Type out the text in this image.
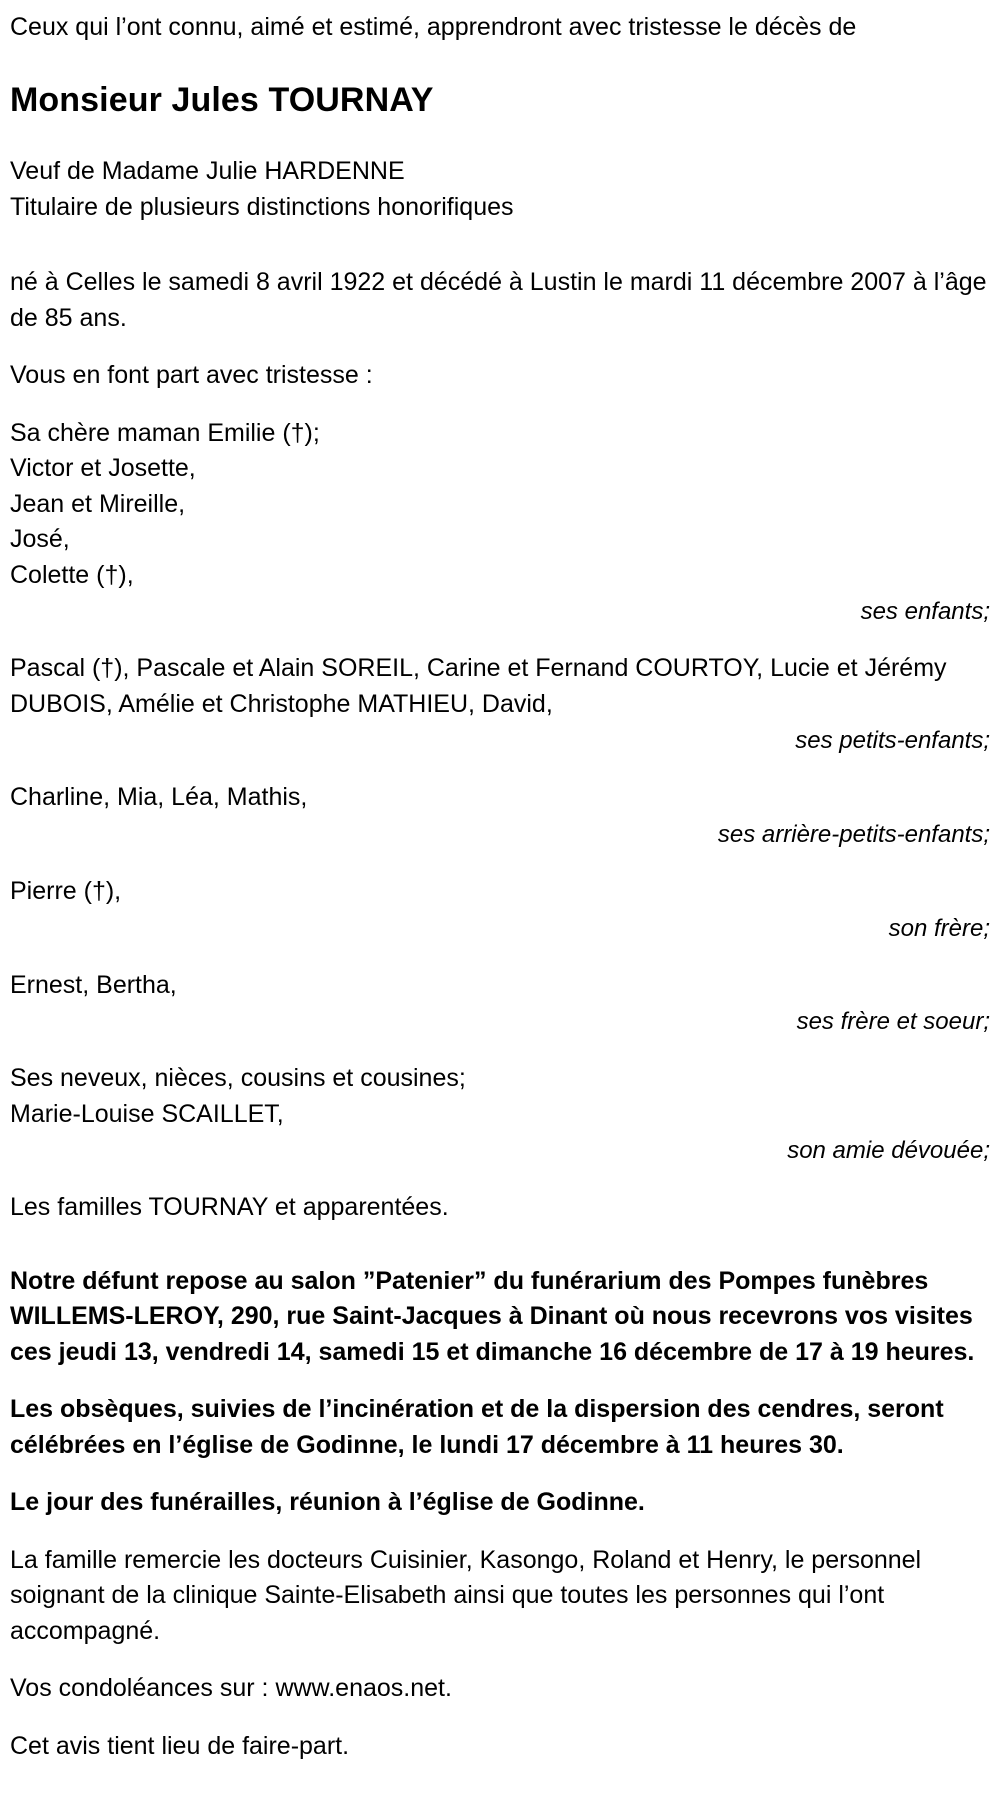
Ceux qui l’ont connu, aimé et estimé, apprendront avec tristesse le décès de

Monsieur Jules TOURNAY
Veuf de Madame Julie HARDENNE
Titulaire de plusieurs distinctions honorifiques

né à Celles le samedi 8 avril 1922 et décédé à Lustin le mardi 11 décembre 2007 à l’âge de 85 ans.

Vous en font part avec tristesse :

Sa chère maman Emilie (†);
Victor et Josette,
Jean et Mireille,
José,
Colette (†),
ses enfants;
Pascal (†), Pascale et Alain SOREIL, Carine et Fernand COURTOY, Lucie et Jérémy DUBOIS, Amélie et Christophe MATHIEU, David,
ses petits-enfants;
Charline, Mia, Léa, Mathis,
ses arrière-petits-enfants;
Pierre (†),
son frère;
Ernest, Bertha,
ses frère et soeur;
Ses neveux, nièces, cousins et cousines;
Marie-Louise SCAILLET,
son amie dévouée;

Les familles TOURNAY et apparentées.

Notre défunt repose au salon ”Patenier” du funérarium des Pompes funèbres WILLEMS-LEROY, 290, rue Saint-Jacques à Dinant où nous recevrons vos visites ces jeudi 13, vendredi 14, samedi 15 et dimanche 16 décembre de 17 à 19 heures.

Les obsèques, suivies de l’incinération et de la dispersion des cendres, seront célébrées en l’église de Godinne, le lundi 17 décembre à 11 heures 30.

Le jour des funérailles, réunion à l’église de Godinne.

La famille remercie les docteurs Cuisinier, Kasongo, Roland et Henry, le personnel soignant de la clinique Sainte-Elisabeth ainsi que toutes les personnes qui l’ont accompagné.

Vos condoléances sur : www.enaos.net.

Cet avis tient lieu de faire-part.
